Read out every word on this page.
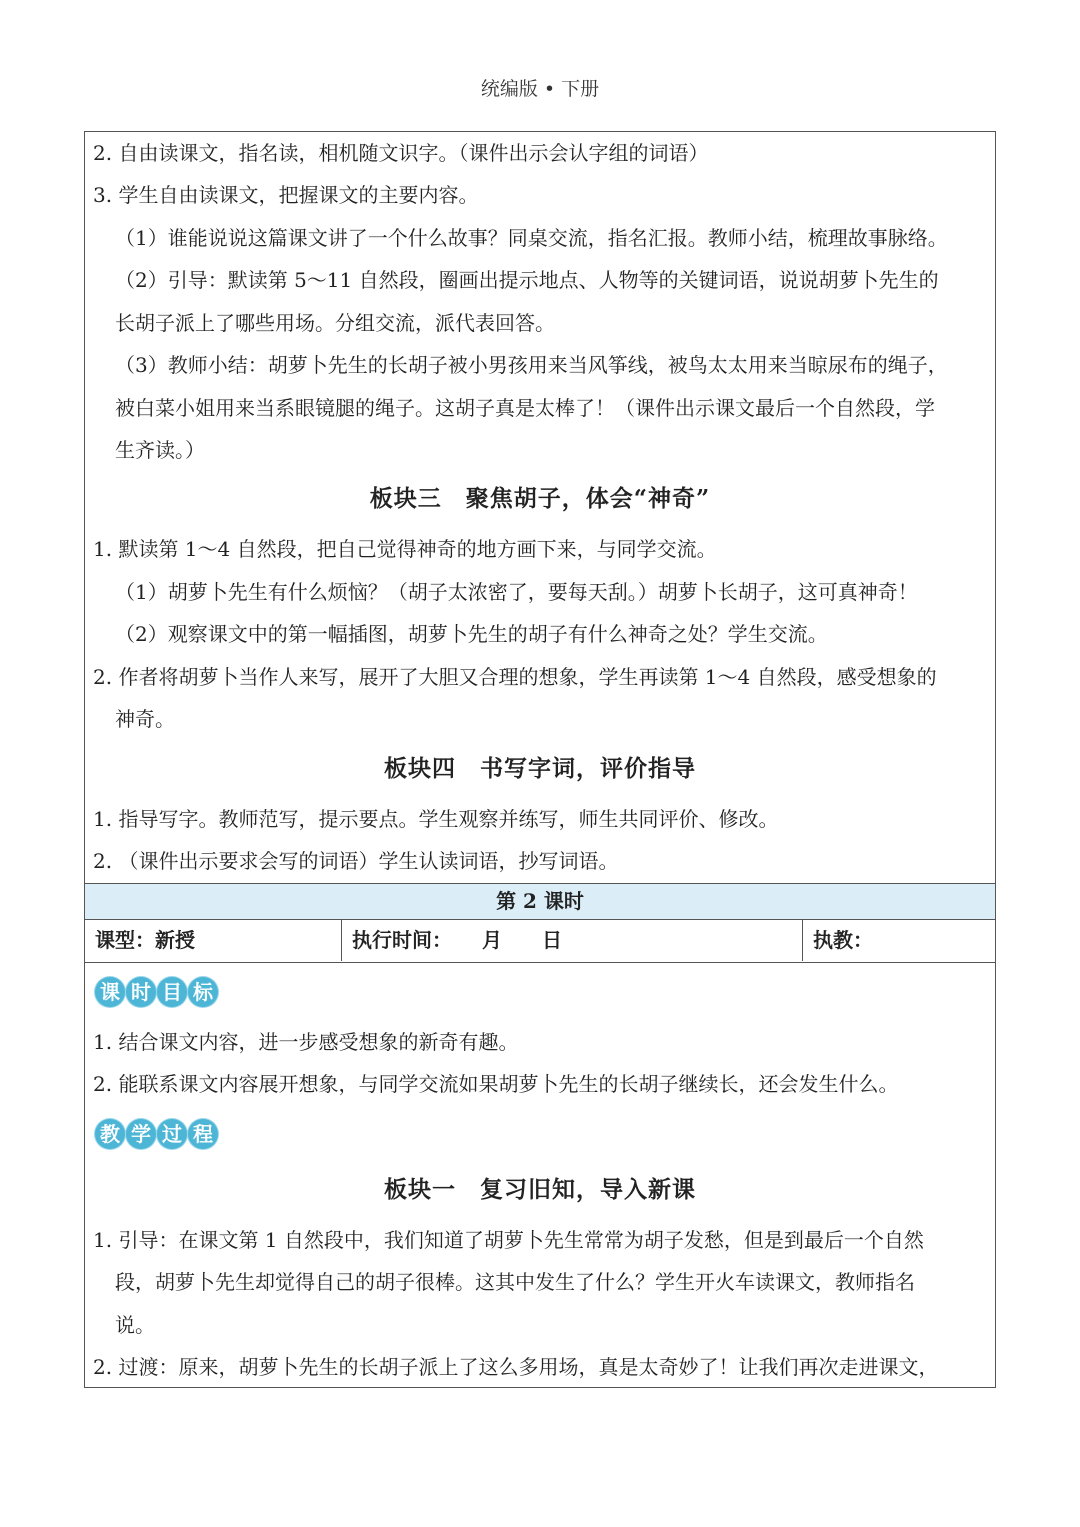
统编版 • 下册
2. 自由读课文，指名读，相机随文识字。（课件出示会认字组的词语）
3. 学生自由读课文，把握课文的主要内容。
（1）谁能说说这篇课文讲了一个什么故事？同桌交流，指名汇报。教师小结，梳理故事脉络。
（2）引导：默读第 5～11 自然段，圈画出提示地点、人物等的关键词语，说说胡萝卜先生的
长胡子派上了哪些用场。分组交流，派代表回答。
（3）教师小结：胡萝卜先生的长胡子被小男孩用来当风筝线，被鸟太太用来当晾尿布的绳子，
被白菜小姐用来当系眼镜腿的绳子。这胡子真是太棒了！（课件出示课文最后一个自然段，学
生齐读。）
板块三　聚焦胡子，体会“神奇”
1. 默读第 1～4 自然段，把自己觉得神奇的地方画下来，与同学交流。
（1）胡萝卜先生有什么烦恼？（胡子太浓密了，要每天刮。）胡萝卜长胡子，这可真神奇！
（2）观察课文中的第一幅插图，胡萝卜先生的胡子有什么神奇之处？学生交流。
2. 作者将胡萝卜当作人来写，展开了大胆又合理的想象，学生再读第 1～4 自然段，感受想象的
神奇。
板块四　书写字词，评价指导
1. 指导写字。教师范写，提示要点。学生观察并练写，师生共同评价、修改。
2. （课件出示要求会写的词语）学生认读词语，抄写词语。
第 2 课时
课型：新授	执行时间：　　月　　日	执教：
课 时 目 标
1. 结合课文内容，进一步感受想象的新奇有趣。
2. 能联系课文内容展开想象，与同学交流如果胡萝卜先生的长胡子继续长，还会发生什么。
教 学 过 程
板块一　复习旧知，导入新课
1. 引导：在课文第 1 自然段中，我们知道了胡萝卜先生常常为胡子发愁，但是到最后一个自然
段，胡萝卜先生却觉得自己的胡子很棒。这其中发生了什么？学生开火车读课文，教师指名
说。
2. 过渡：原来，胡萝卜先生的长胡子派上了这么多用场，真是太奇妙了！让我们再次走进课文，
